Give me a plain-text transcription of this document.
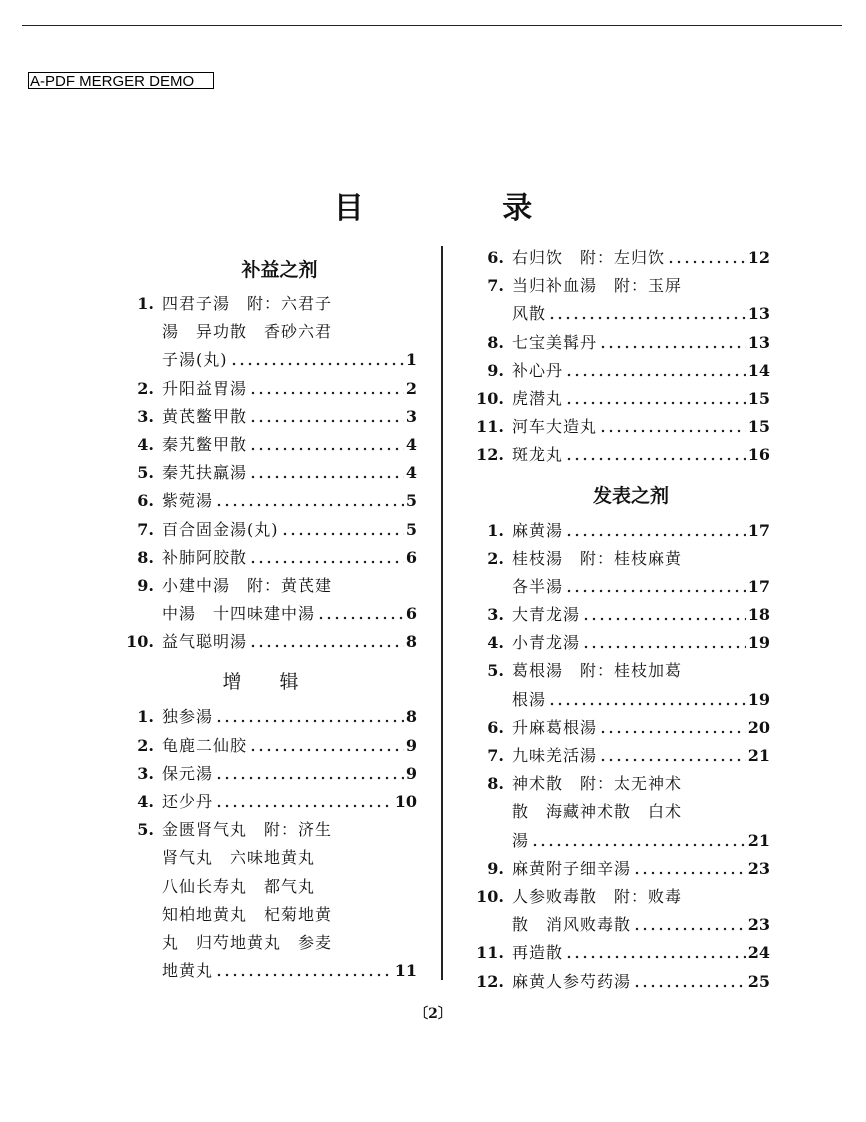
A-PDF MERGER DEMO
目 录
补益之剂
1. 四君子湯　附：六君子
湯　异功散　香砂六君
子湯(丸)	1
2. 升阳益胃湯	2
3. 黄芪鳖甲散	3
4. 秦艽鳖甲散	4
5. 秦艽扶羸湯	4
6. 紫菀湯	5
7. 百合固金湯(丸)	5
8. 补肺阿胶散	6
9. 小建中湯　附：黄芪建
中湯　十四味建中湯	6
10. 益气聪明湯	8
增辑
1. 独参湯	8
2. 龟鹿二仙胶	9
3. 保元湯	9
4. 还少丹	10
5. 金匮肾气丸　附：济生
肾气丸　六味地黄丸
八仙长寿丸　都气丸
知柏地黄丸　杞菊地黄
丸　归芍地黄丸　参麦
地黄丸	11
6. 右归饮　附：左归饮	12
7. 当归补血湯　附：玉屏
风散	13
8. 七宝美髯丹	13
9. 补心丹	14
10. 虎潜丸	15
11. 河车大造丸	15
12. 斑龙丸	16
发表之剂
1. 麻黄湯	17
2. 桂枝湯　附：桂枝麻黄
各半湯	17
3. 大青龙湯	18
4. 小青龙湯	19
5. 葛根湯　附：桂枝加葛
根湯	19
6. 升麻葛根湯	20
7. 九味羌活湯	21
8. 神术散　附：太无神术
散　海藏神术散　白术
湯	21
9. 麻黄附子细辛湯	23
10. 人参败毒散　附：败毒
散　消风败毒散	23
11. 再造散	24
12. 麻黄人参芍药湯	25
〔2〕
